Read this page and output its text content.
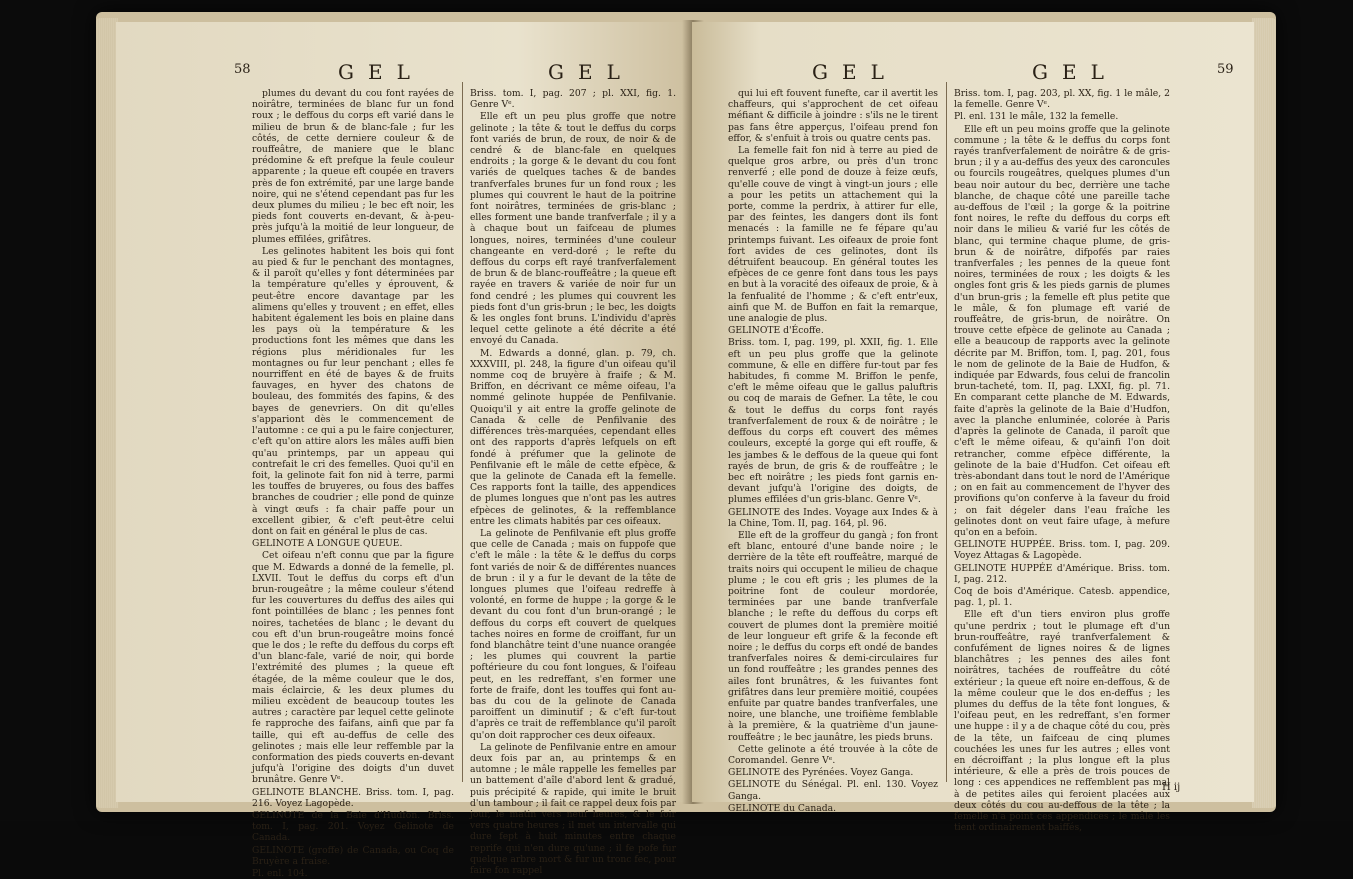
58	GEL	GEL

plumes du devant du cou font rayées de noirâtre, terminées de blanc fur un fond roux ; le deffous du corps eft varié dans le milieu de brun & de blanc-fale ; fur les côtés, de cette derniere couleur & de rouffeâtre, de maniere que le blanc prédomine & eft prefque la feule couleur apparente ; la queue eft coupée en travers près de fon extrémité, par une large bande noire, qui ne s'étend cependant pas fur les deux plumes du milieu ; le bec eft noir, les pieds font couverts en-devant, & à-peu-près jufqu'à la moitié de leur longueur, de plumes effilées, grifâtres.

Les gelinotes habitent les bois qui font au pied & fur le penchant des montagnes, & il paroît qu'elles y font déterminées par la température qu'elles y éprouvent, & peut-être encore davantage par les alimens qu'elles y trouvent ; en effet, elles habitent également les bois en plaine dans les pays où la température & les productions font les mêmes que dans les régions plus méridionales fur les montagnes ou fur leur penchant ; elles fe nourriffent en été de bayes & de fruits fauvages, en hyver des chatons de bouleau, des fommités des fapins, & des bayes de genevriers. On dit qu'elles s'appariont dès le commencement de l'automne : ce qui a pu le faire conjecturer, c'eft qu'on attire alors les mâles auffi bien qu'au printemps, par un appeau qui contrefait le cri des femelles. Quoi qu'il en foit, la gelinote fait fon nid à terre, parmi les touffes de bruyeres, ou fous des baffes branches de coudrier ; elle pond de quinze à vingt œufs : fa chair paffe pour un excellent gibier, & c'eft peut-être celui dont on fait en général le plus de cas.

GELINOTE A LONGUE QUEUE.

Cet oifeau n'eft connu que par la figure que M. Edwards a donné de la femelle, pl. LXVII. Tout le deffus du corps eft d'un brun-rougeâtre ; la même couleur s'étend fur les couvertures du deffus des ailes qui font pointillées de blanc ; les pennes font noires, tachetées de blanc ; le devant du cou eft d'un brun-rougeâtre moins foncé que le dos ; le refte du deffous du corps eft d'un blanc-fale, varié de noir, qui borde l'extrémité des plumes ; la queue eft étagée, de la même couleur que le dos, mais éclaircie, & les deux plumes du milieu excèdent de beaucoup toutes les autres ; caractère par lequel cette gelinote fe rapproche des faifans, ainfi que par fa taille, qui eft au-deffus de celle des gelinotes ; mais elle leur reffemble par la conformation des pieds couverts en-devant jufqu'à l'origine des doigts d'un duvet brunâtre. Genre Vᵉ.

GELINOTE BLANCHE. Briss. tom. I, pag. 216. Voyez Lagopède.

GELINOTE de la Baie d'Hudfon. Briss. tom. I, pag. 201. Voyez Gelinote de Canada.

GELINOTE (groffe) de Canada, ou Coq de Bruyère a fraise.

Pl. enl. 104.

Briss. tom. I, pag. 207 ; pl. XXI, fig. 1. Genre Vᵉ.

Elle eft un peu plus groffe que notre gelinote ; la tête & tout le deffus du corps font variés de brun, de roux, de noir & de cendré & de blanc-fale en quelques endroits ; la gorge & le devant du cou font variés de quelques taches & de bandes tranfverfales brunes fur un fond roux ; les plumes qui couvrent le haut de la poitrine font noirâtres, terminées de gris-blanc ; elles forment une bande tranfverfale ; il y a à chaque bout un faifceau de plumes longues, noires, terminées d'une couleur changeante en verd-doré ; le refte du deffous du corps eft rayé tranfverfalement de brun & de blanc-rouffeâtre ; la queue eft rayée en travers & variée de noir fur un fond cendré ; les plumes qui couvrent les pieds font d'un gris-brun ; le bec, les doigts & les ongles font bruns. L'individu d'après lequel cette gelinote a été décrite a été envoyé du Canada.

M. Edwards a donné, glan. p. 79, ch. XXXVIII, pl. 248, la figure d'un oifeau qu'il nomme coq de bruyère à fraife ; & M. Briffon, en décrivant ce même oifeau, l'a nommé gelinote huppée de Penfilvanie. Quoiqu'il y ait entre la groffe gelinote de Canada & celle de Penfilvanie des différences très-marquées, cependant elles ont des rapports d'après lefquels on eft fondé à préfumer que la gelinote de Penfilvanie eft le mâle de cette efpèce, & que la gelinote de Canada eft la femelle. Ces rapports font la taille, des appendices de plumes longues que n'ont pas les autres efpèces de gelinotes, & la reffemblance entre les climats habités par ces oifeaux.

La gelinote de Penfilvanie eft plus groffe que celle de Canada ; mais on fuppofe que c'eft le mâle : la tête & le deffus du corps font variés de noir & de différentes nuances de brun : il y a fur le devant de la tête de longues plumes que l'oifeau redreffe à volonté, en forme de huppe ; la gorge & le devant du cou font d'un brun-orangé ; le deffous du corps eft couvert de quelques taches noires en forme de croiffant, fur un fond blanchâtre teint d'une nuance orangée ; les plumes qui couvrent la partie poftérieure du cou font longues, & l'oifeau peut, en les redreffant, s'en former une forte de fraife, dont les touffes qui font au-bas du cou de la gelinote de Canada paroiffent un diminutif ; & c'eft fur-tout d'après ce trait de reffemblance qu'il paroît qu'on doit rapprocher ces deux oifeaux.

La gelinote de Penfilvanie entre en amour deux fois par an, au printemps & en automne ; le mâle rappelle les femelles par un battement d'aîle d'abord lent & gradué, puis précipité & rapide, qui imite le bruit d'un tambour ; il fait ce rappel deux fois par jour, le matin vers neuf heures, & le foir vers quatre heures ; il met un intervalle qui dure fept à huit minutes entre chaque reprife qui n'en dure qu'une ; il fe pofe fur quelque arbre mort & fur un tronc fec, pour faire fon rappel

GEL	GEL	59

qui lui eft fouvent funefte, car il avertit les chaffeurs, qui s'approchent de cet oifeau méfiant & difficile à joindre : s'ils ne le tirent pas fans être apperçus, l'oifeau prend fon effor, & s'enfuit à trois ou quatre cents pas.

La femelle fait fon nid à terre au pied de quelque gros arbre, ou près d'un tronc renverfé ; elle pond de douze à feize œufs, qu'elle couve de vingt à vingt-un jours ; elle a pour les petits un attachement qui la porte, comme la perdrix, à attirer fur elle, par des feintes, les dangers dont ils font menacés : la famille ne fe fépare qu'au printemps fuivant. Les oifeaux de proie font fort avides de ces gelinotes, dont ils détruifent beaucoup. En général toutes les efpèces de ce genre font dans tous les pays en but à la voracité des oifeaux de proie, & à la fenfualité de l'homme ; & c'eft entr'eux, ainfi que M. de Buffon en fait la remarque, une analogie de plus.

GELINOTE d'Écoffe.

Briss. tom. I, pag. 199, pl. XXII, fig. 1. Elle eft un peu plus groffe que la gelinote commune, & elle en diffère fur-tout par fes habitudes, fi comme M. Briffon le penfe, c'eft le même oifeau que le gallus paluftris ou coq de marais de Gefner. La tête, le cou & tout le deffus du corps font rayés tranfverfalement de roux & de noirâtre ; le deffous du corps eft couvert des mêmes couleurs, excepté la gorge qui eft rouffe, & les jambes & le deffous de la queue qui font rayés de brun, de gris & de rouffeâtre ; le bec eft noirâtre ; les pieds font garnis en-devant jufqu'à l'origine des doigts, de plumes effilées d'un gris-blanc. Genre Vᵉ.

GELINOTE des Indes. Voyage aux Indes & à la Chine, Tom. II, pag. 164, pl. 96.

Elle eft de la groffeur du gangà ; fon front eft blanc, entouré d'une bande noire ; le derrière de la tête eft rouffeâtre, marqué de traits noirs qui occupent le milieu de chaque plume ; le cou eft gris ; les plumes de la poitrine font de couleur mordorée, terminées par une bande tranfverfale blanche ; le refte du deffous du corps eft couvert de plumes dont la première moitié de leur longueur eft grife & la feconde eft noire ; le deffus du corps eft ondé de bandes tranfverfales noires & demi-circulaires fur un fond rouffeâtre ; les grandes pennes des ailes font brunâtres, & les fuivantes font grifâtres dans leur première moitié, coupées enfuite par quatre bandes tranfverfales, une noire, une blanche, une troifième femblable à la première, & la quatrième d'un jaune-rouffeâtre ; le bec jaunâtre, les pieds bruns.

Cette gelinote a été trouvée à la côte de Coromandel. Genre Vᵉ.

GELINOTE des Pyrénées. Voyez Ganga.

GELINOTE du Sénégal. Pl. enl. 130. Voyez Ganga.

GELINOTE du Canada.

Briss. tom. I, pag. 203, pl. XX, fig. 1 le mâle, 2 la femelle. Genre Vᵉ.

Pl. enl. 131 le mâle, 132 la femelle.

Elle eft un peu moins groffe que la gelinote commune ; la tête & le deffus du corps font rayés tranfverfalement de noirâtre & de gris-brun ; il y a au-deffus des yeux des caroncules ou fourcils rougeâtres, quelques plumes d'un beau noir autour du bec, derrière une tache blanche, de chaque côté une pareille tache au-deffous de l'œil ; la gorge & la poitrine font noires, le refte du deffous du corps eft noir dans le milieu & varié fur les côtés de blanc, qui termine chaque plume, de gris-brun & de noirâtre, difpofés par raies tranfverfales ; les pennes de la queue font noires, terminées de roux ; les doigts & les ongles font gris & les pieds garnis de plumes d'un brun-gris ; la femelle eft plus petite que le mâle, & fon plumage eft varié de rouffeâtre, de gris-brun, de noirâtre. On trouve cette efpèce de gelinote au Canada ; elle a beaucoup de rapports avec la gelinote décrite par M. Briffon, tom. I, pag. 201, fous le nom de gelinote de la Baie de Hudfon, & indiquée par Edwards, fous celui de francolin brun-tacheté, tom. II, pag. LXXI, fig. pl. 71. En comparant cette planche de M. Edwards, faite d'après la gelinote de la Baie d'Hudfon, avec la planche enluminée, colorée à Paris d'après la gelinote de Canada, il paroît que c'eft le même oifeau, & qu'ainfi l'on doit retrancher, comme efpèce différente, la gelinote de la baie d'Hudfon. Cet oifeau eft très-abondant dans tout le nord de l'Amérique ; on en fait au commencement de l'hyver des provifions qu'on conferve à la faveur du froid ; on fait dégeler dans l'eau fraîche les gelinotes dont on veut faire ufage, à mefure qu'on en a befoin.

GELINOTE HUPPÉE. Briss. tom. I, pag. 209. Voyez Attagas & Lagopède.

GELINOTE HUPPÉE d'Amérique. Briss. tom. I, pag. 212.

Coq de bois d'Amérique. Catesb. appendice, pag. 1, pl. 1.

Elle eft d'un tiers environ plus groffe qu'une perdrix ; tout le plumage eft d'un brun-rouffeâtre, rayé tranfverfalement & confufément de lignes noires & de lignes blanchâtres ; les pennes des ailes font noirâtres, tachées de rouffeâtre du côté extérieur ; la queue eft noire en-deffous, & de la même couleur que le dos en-deffus ; les plumes du deffus de la tête font longues, & l'oifeau peut, en les redreffant, s'en former une huppe : il y a de chaque côté du cou, près de la tête, un faifceau de cinq plumes couchées les unes fur les autres ; elles vont en décroiffant ; la plus longue eft la plus intérieure, & elle a près de trois pouces de long : ces appendices ne reffemblent pas mal à de petites ailes qui feroient placées aux deux côtés du cou au-deffous de la tête ; la femelle n'a point ces appendices ; le mâle les tient ordinairement baiffés,

H ij
